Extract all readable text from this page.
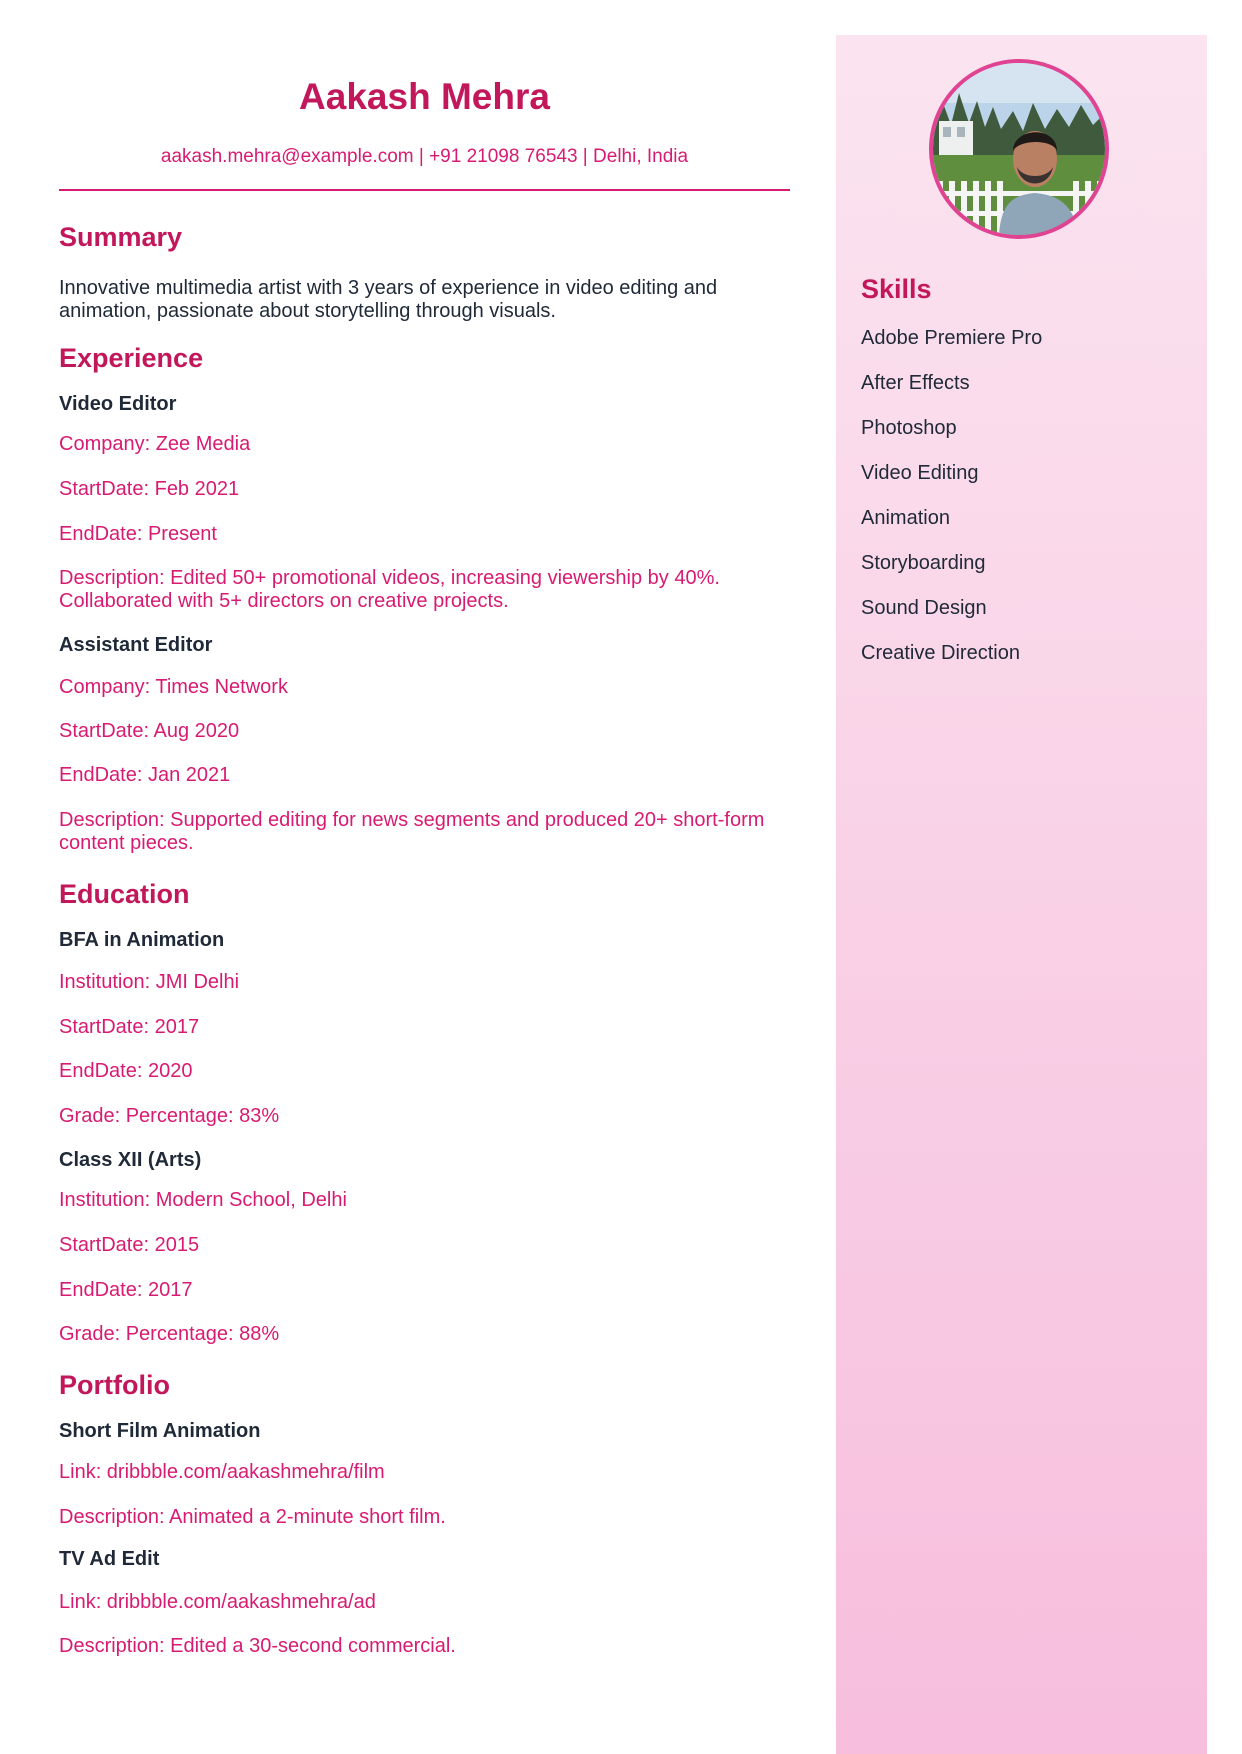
Aakash Mehra
aakash.mehra@example.com | +91 21098 76543 | Delhi, India
Summary

Innovative multimedia artist with 3 years of experience in video editing and animation, passionate about storytelling through visuals.

Experience

Video Editor

Company: Zee Media

StartDate: Feb 2021

EndDate: Present

Description: Edited 50+ promotional videos, increasing viewership by 40%. Collaborated with 5+ directors on creative projects.

Assistant Editor

Company: Times Network

StartDate: Aug 2020

EndDate: Jan 2021

Description: Supported editing for news segments and produced 20+ short-form content pieces.

Education

BFA in Animation

Institution: JMI Delhi

StartDate: 2017

EndDate: 2020

Grade: Percentage: 83%

Class XII (Arts)

Institution: Modern School, Delhi

StartDate: 2015

EndDate: 2017

Grade: Percentage: 88%

Portfolio

Short Film Animation

Link: dribbble.com/aakashmehra/film

Description: Animated a 2-minute short film.

TV Ad Edit

Link: dribbble.com/aakashmehra/ad

Description: Edited a 30-second commercial.

Skills
Adobe Premiere Pro
After Effects
Photoshop
Video Editing
Animation
Storyboarding
Sound Design
Creative Direction
